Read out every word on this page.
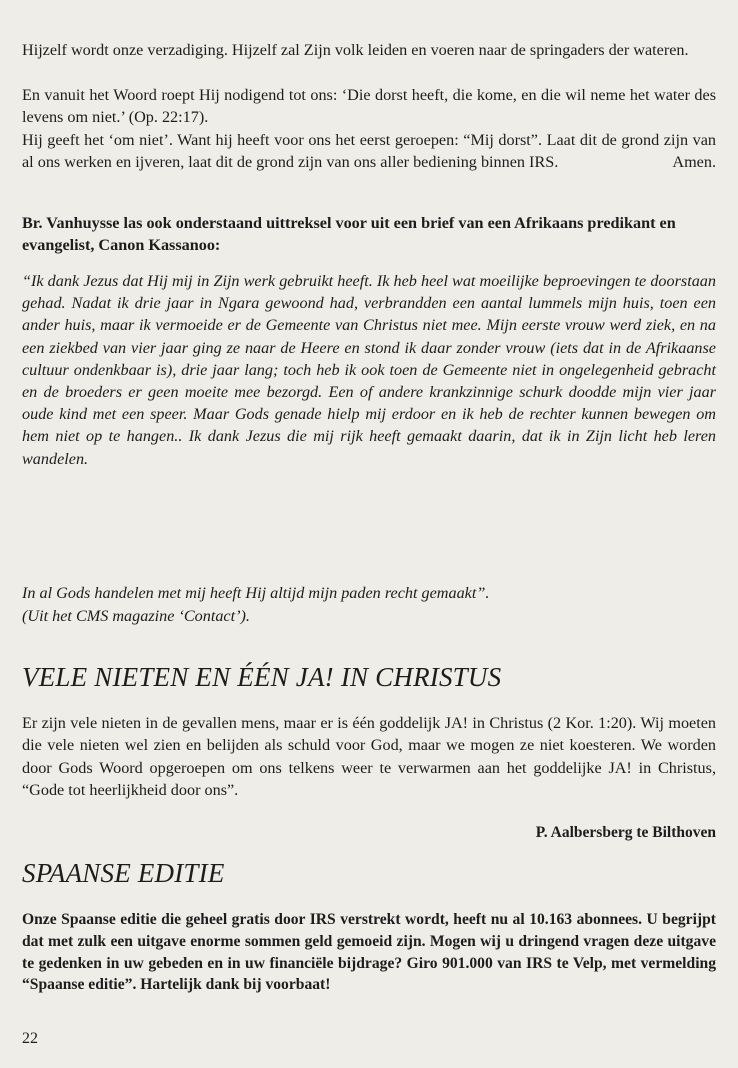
Hijzelf wordt onze verzadiging. Hijzelf zal Zijn volk leiden en voeren naar de springaders der wateren.

En vanuit het Woord roept Hij nodigend tot ons: ‘Die dorst heeft, die kome, en die wil neme het water des levens om niet.’ (Op. 22:17).

Hij geeft het ‘om niet’. Want hij heeft voor ons het eerst geroepen: “Mij dorst”. Laat dit de grond zijn van al ons werken en ijveren, laat dit de grond zijn van ons aller bediening binnen IRS.	Amen.

Br. Vanhuysse las ook onderstaand uittreksel voor uit een brief van een Afrikaans predikant en evangelist, Canon Kassanoo:

“Ik dank Jezus dat Hij mij in Zijn werk gebruikt heeft. Ik heb heel wat moeilijke beproevingen te doorstaan gehad. Nadat ik drie jaar in Ngara gewoond had, verbrandden een aantal lummels mijn huis, toen een ander huis, maar ik vermoeide er de Gemeente van Christus niet mee. Mijn eerste vrouw werd ziek, en na een ziekbed van vier jaar ging ze naar de Heere en stond ik daar zonder vrouw (iets dat in de Afrikaanse cultuur ondenkbaar is), drie jaar lang; toch heb ik ook toen de Gemeente niet in ongelegenheid gebracht en de broeders er geen moeite mee bezorgd. Een of andere krankzinnige schurk doodde mijn vier jaar oude kind met een speer. Maar Gods genade hielp mij erdoor en ik heb de rechter kunnen bewegen om hem niet op te hangen.. Ik dank Jezus die mij rijk heeft gemaakt daarin, dat ik in Zijn licht heb leren wandelen.

In al Gods handelen met mij heeft Hij altijd mijn paden recht gemaakt”.

(Uit het CMS magazine ‘Contact’).

VELE NIETEN EN ÉÉN JA! IN CHRISTUS

Er zijn vele nieten in de gevallen mens, maar er is één goddelijk JA! in Christus (2 Kor. 1:20). Wij moeten die vele nieten wel zien en belijden als schuld voor God, maar we mogen ze niet koesteren. We worden door Gods Woord opgeroepen om ons telkens weer te verwarmen aan het goddelijke JA! in Christus, “Gode tot heerlijkheid door ons”.

P. Aalbersberg te Bilthoven

SPAANSE EDITIE

Onze Spaanse editie die geheel gratis door IRS verstrekt wordt, heeft nu al 10.163 abonnees. U begrijpt dat met zulk een uitgave enorme sommen geld gemoeid zijn. Mogen wij u dringend vragen deze uitgave te gedenken in uw gebeden en in uw financiële bijdrage? Giro 901.000 van IRS te Velp, met vermelding “Spaanse editie”. Hartelijk dank bij voorbaat!

22
